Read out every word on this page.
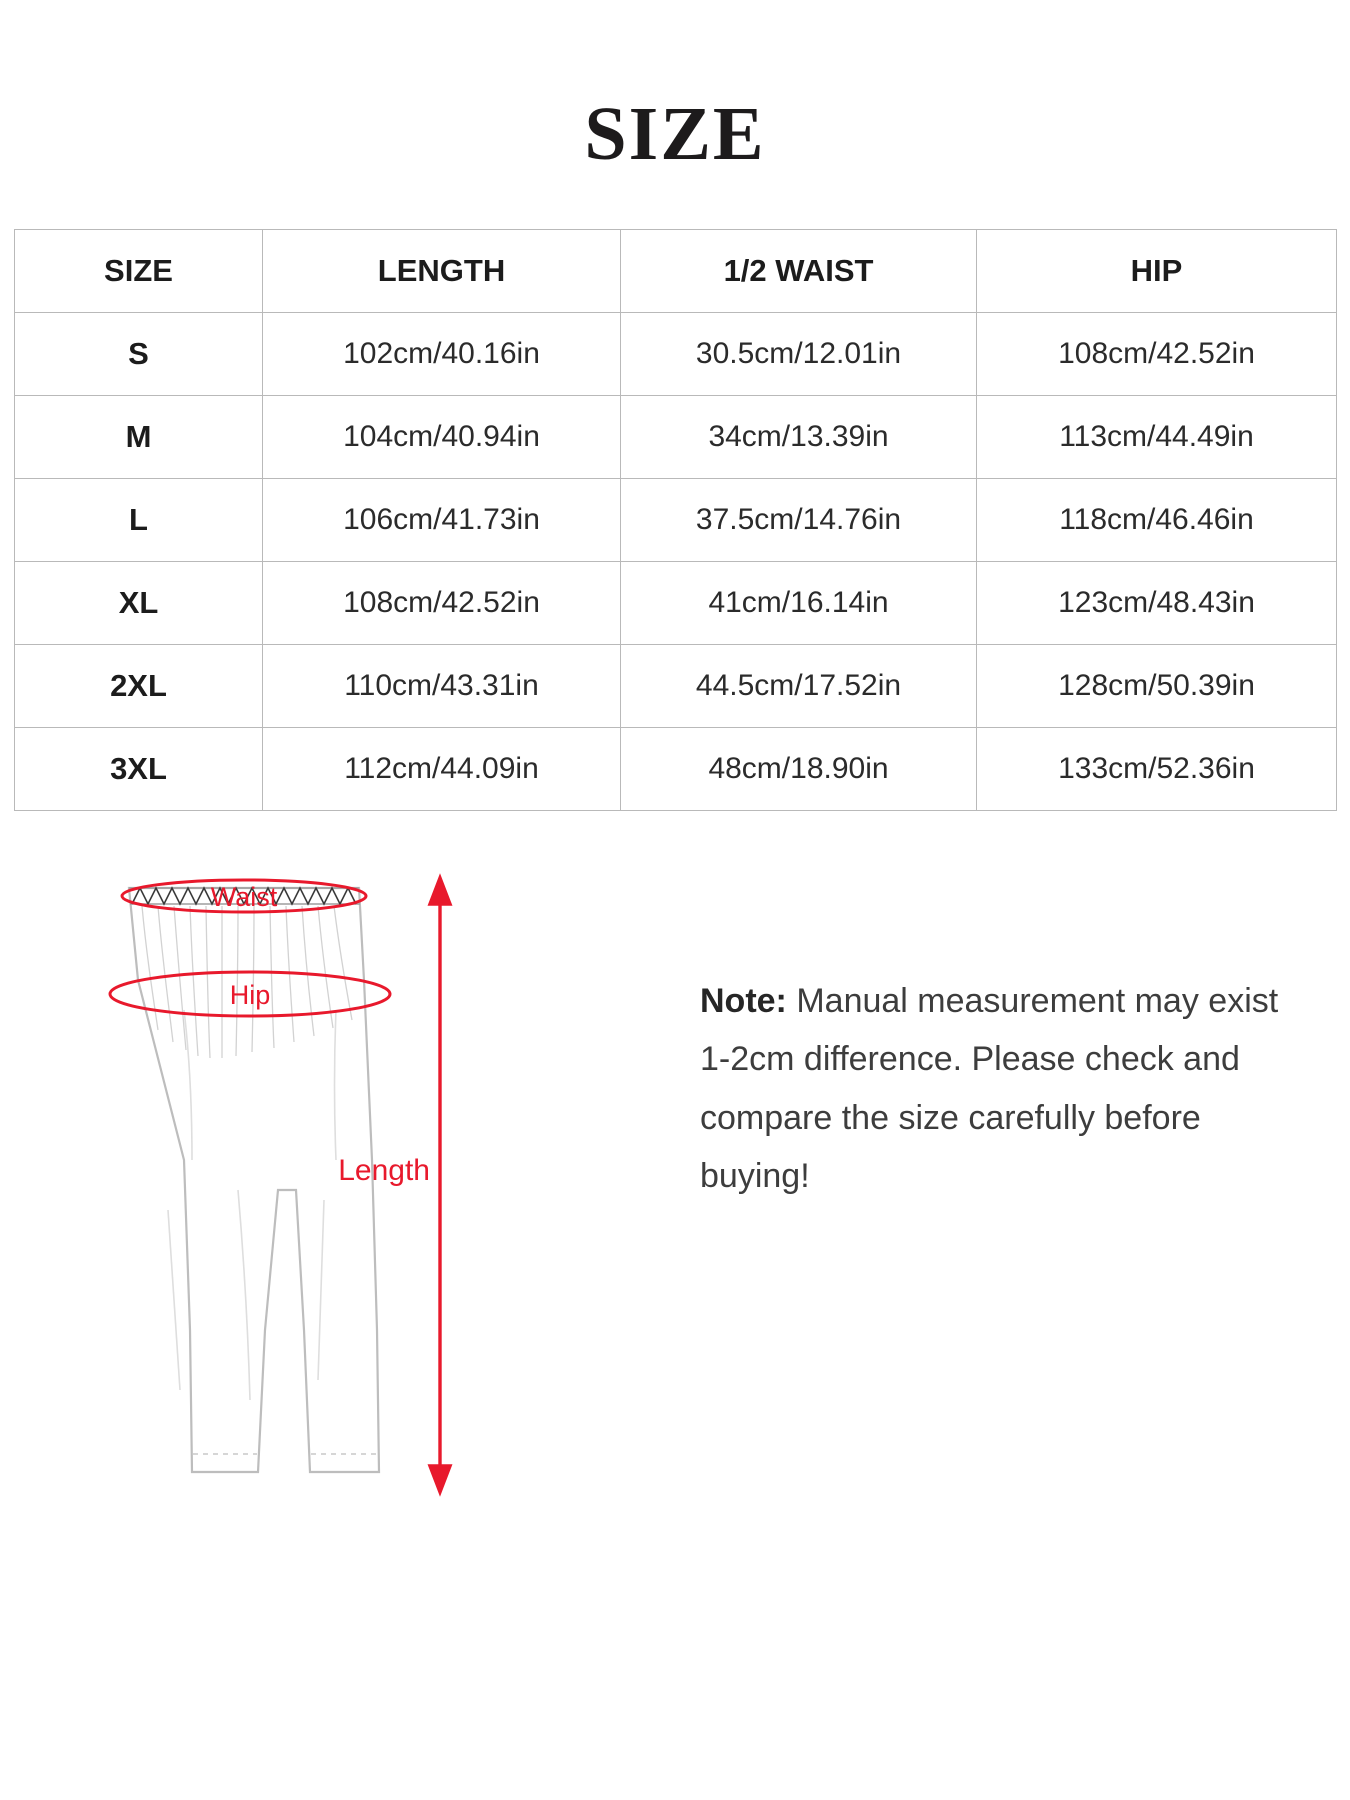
SIZE
SIZE	LENGTH	1/2 WAIST	HIP
S	102cm/40.16in	30.5cm/12.01in	108cm/42.52in
M	104cm/40.94in	34cm/13.39in	113cm/44.49in
L	106cm/41.73in	37.5cm/14.76in	118cm/46.46in
XL	108cm/42.52in	41cm/16.14in	123cm/48.43in
2XL	110cm/43.31in	44.5cm/17.52in	128cm/50.39in
3XL	112cm/44.09in	48cm/18.90in	133cm/52.36in
Waist
Hip
Length
Note: Manual measurement may exist 1-2cm difference. Please check and compare the size carefully before buying!
